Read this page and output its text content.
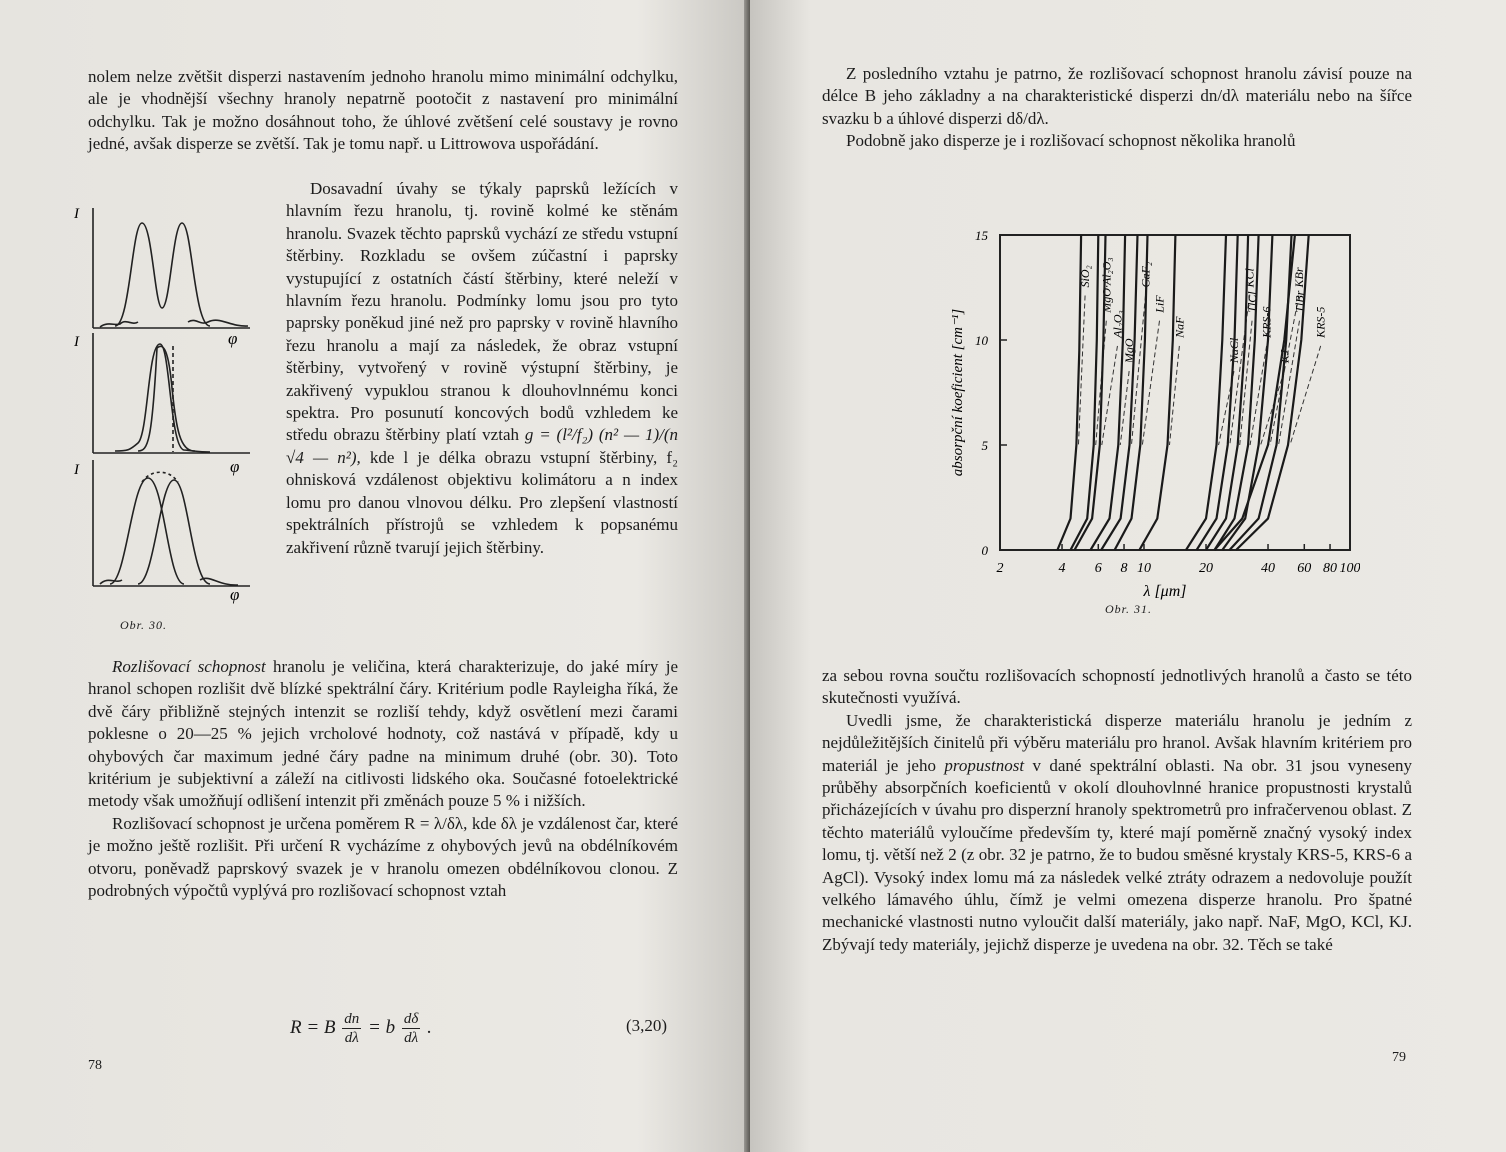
nolem nelze zvětšit disperzi nastavením jednoho hranolu mimo minimální odchylku, ale je vhodnější všechny hranoly nepatrně pootočit z nastavení pro minimální odchylku. Tak je možno dosáhnout toho, že úhlové zvětšení celé soustavy je rovno jedné, avšak disperze se zvětší. Tak je tomu např. u Littrowova uspořádání.

I
φ
I
φ
I
φ
Obr. 30.

Dosavadní úvahy se týkaly paprsků ležících v hlavním řezu hranolu, tj. rovině kolmé ke stěnám hranolu. Svazek těchto paprsků vychází ze středu vstupní štěrbiny. Rozkladu se ovšem zúčastní i paprsky vystupující z ostatních částí štěrbiny, které neleží v hlavním řezu hranolu. Podmínky lomu jsou pro tyto paprsky poněkud jiné než pro paprsky v rovině hlavního řezu hranolu a mají za následek, že obraz vstupní štěrbiny, vytvořený v rovině výstupní štěrbiny, je zakřivený vypuklou stranou k dlouhovlnnému konci spektra. Pro posunutí koncových bodů vzhledem ke středu obrazu štěrbiny platí vztah g = (l²/f₂) (n² — 1)/(n √4 — n²), kde l je délka obrazu vstupní štěrbiny, f₂ ohnisková vzdálenost objektivu kolimátoru a n index lomu pro danou vlnovou délku. Pro zlepšení vlastností spektrálních přístrojů se vzhledem k popsanému zakřivení různě tvarují jejich štěrbiny.

Rozlišovací schopnost hranolu je veličina, která charakterizuje, do jaké míry je hranol schopen rozlišit dvě blízké spektrální čáry. Kritérium podle Rayleigha říká, že dvě čáry přibližně stejných intenzit se rozliší tehdy, když osvětlení mezi čarami poklesne o 20—25 % jejich vrcholové hodnoty, což nastává v případě, kdy u ohybových čar maximum jedné čáry padne na minimum druhé (obr. 30). Toto kritérium je subjektivní a záleží na citlivosti lidského oka. Současné fotoelektrické metody však umožňují odlišení intenzit při změnách pouze 5 % i nižších.

Rozlišovací schopnost je určena poměrem R = λ/δλ, kde δλ je vzdálenost čar, které je možno ještě rozlišit. Při určení R vycházíme z ohybových jevů na obdélníkovém otvoru, poněvadž paprskový svazek je v hranolu omezen obdélníkovou clonou. Z podrobných výpočtů vyplývá pro rozlišovací schopnost vztah

R = B $\frac{dn}{d\lambda} = b \frac{d\delta}{d\lambda}$ .	(3,20)
78

Z posledního vztahu je patrno, že rozlišovací schopnost hranolu závisí pouze na délce B jeho základny a na charakteristické disperzi dn/dλ materiálu nebo na šířce svazku b a úhlové disperzi dδ/dλ.

Podobně jako disperze je i rozlišovací schopnost několika hranolů

2	4 6 8 10	20	40 60 80 100
0
5
10
15
λ [μm]
absorpční koeficient [cm⁻¹]
SiO₂ MgO·Al₂O₃
Al₂O₃
MgO
CaF₂
LiF
NaF
NaCl
KCl
TlCl
KRS-6
KJ
KBr
TlBr
KRS-5
Obr. 31.

za sebou rovna součtu rozlišovacích schopností jednotlivých hranolů a často se této skutečnosti využívá.

Uvedli jsme, že charakteristická disperze materiálu hranolu je jedním z nejdůležitějších činitelů při výběru materiálu pro hranol. Avšak hlavním kritériem pro materiál je jeho propustnost v dané spektrální oblasti. Na obr. 31 jsou vyneseny průběhy absorpčních koeficientů v okolí dlouhovlnné hranice propustnosti krystalů přicházejících v úvahu pro disperzní hranoly spektrometrů pro infračervenou oblast. Z těchto materiálů vyloučíme především ty, které mají poměrně značný vysoký index lomu, tj. větší než 2 (z obr. 32 je patrno, že to budou směsné krystaly KRS-5, KRS-6 a AgCl). Vysoký index lomu má za následek velké ztráty odrazem a nedovoluje použít velkého lámavého úhlu, čímž je velmi omezena disperze hranolu. Pro špatné mechanické vlastnosti nutno vyloučit další materiály, jako např. NaF, MgO, KCl, KJ. Zbývají tedy materiály, jejichž disperze je uvedena na obr. 32. Těch se také

79
